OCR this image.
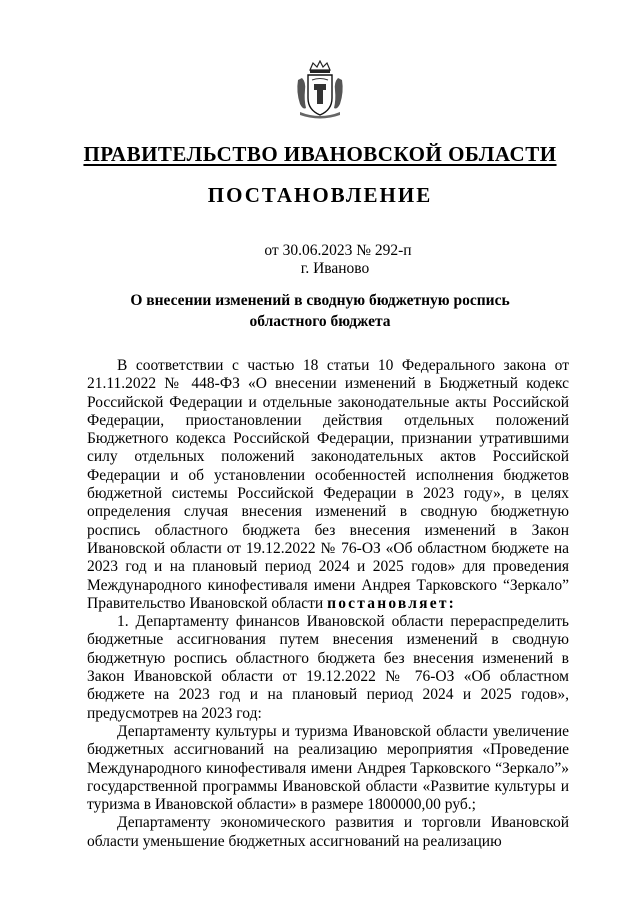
ПРАВИТЕЛЬСТВО ИВАНОВСКОЙ ОБЛАСТИ
ПОСТАНОВЛЕНИЕ
от 30.06.2023 № 292-п
г. Иваново
О внесении изменений в сводную бюджетную роспись
областного бюджета

В соответствии с частью 18 статьи 10 Федерального закона от 21.11.2022 № 448-ФЗ «О внесении изменений в Бюджетный кодекс Российской Федерации и отдельные законодательные акты Российской Федерации, приостановлении действия отдельных положений Бюджетного кодекса Российской Федерации, признании утратившими силу отдельных положений законодательных актов Российской Федерации и об установлении особенностей исполнения бюджетов бюджетной системы Российской Федерации в 2023 году», в целях определения случая внесения изменений в сводную бюджетную роспись областного бюджета без внесения изменений в Закон Ивановской области от 19.12.2022 № 76-ОЗ «Об областном бюджете на 2023 год и на плановый период 2024 и 2025 годов» для проведения Международного кинофестиваля имени Андрея Тарковского “Зеркало” Правительство Ивановской области постановляет:

1. Департаменту финансов Ивановской области перераспределить бюджетные ассигнования путем внесения изменений в сводную бюджетную роспись областного бюджета без внесения изменений в Закон Ивановской области от 19.12.2022 № 76-ОЗ «Об областном бюджете на 2023 год и на плановый период 2024 и 2025 годов», предусмотрев на 2023 год:

Департаменту культуры и туризма Ивановской области увеличение бюджетных ассигнований на реализацию мероприятия «Проведение Международного кинофестиваля имени Андрея Тарковского “Зеркало”» государственной программы Ивановской области «Развитие культуры и туризма в Ивановской области» в размере 1800000,00 руб.;

Департаменту экономического развития и торговли Ивановской области уменьшение бюджетных ассигнований на реализацию
